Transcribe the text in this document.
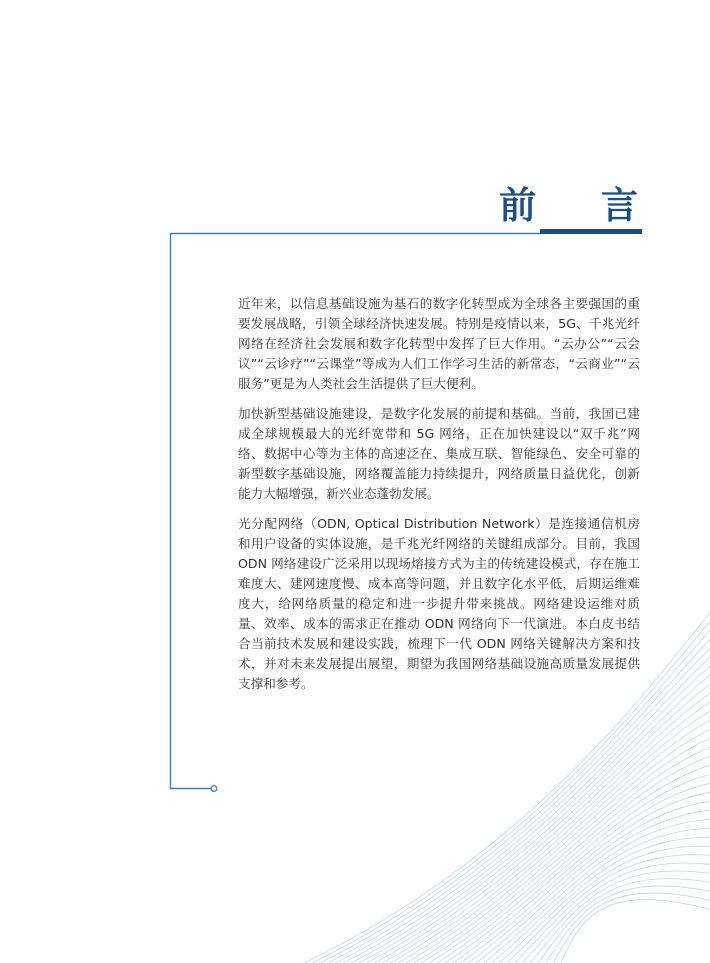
前 言

近年来，以信息基础设施为基石的数字化转型成为全球各主要强国的重要发展战略，引领全球经济快速发展。特别是疫情以来，5G、千兆光纤网络在经济社会发展和数字化转型中发挥了巨大作用。“云办公”“云会议”“云诊疗”“云课堂”等成为人们工作学习生活的新常态，“云商业”“云服务”更是为人类社会生活提供了巨大便利。

加快新型基础设施建设，是数字化发展的前提和基础。当前，我国已建成全球规模最大的光纤宽带和 5G 网络，正在加快建设以“双千兆”网络、数据中心等为主体的高速泛在、集成互联、智能绿色、安全可靠的新型数字基础设施，网络覆盖能力持续提升，网络质量日益优化，创新能力大幅增强，新兴业态蓬勃发展。

光分配网络（ODN, Optical Distribution Network）是连接通信机房和用户设备的实体设施，是千兆光纤网络的关键组成部分。目前，我国 ODN 网络建设广泛采用以现场熔接方式为主的传统建设模式，存在施工难度大、建网速度慢、成本高等问题，并且数字化水平低，后期运维难度大，给网络质量的稳定和进一步提升带来挑战。网络建设运维对质量、效率、成本的需求正在推动 ODN 网络向下一代演进。本白皮书结合当前技术发展和建设实践，梳理下一代 ODN 网络关键解决方案和技术，并对未来发展提出展望，期望为我国网络基础设施高质量发展提供支撑和参考。
